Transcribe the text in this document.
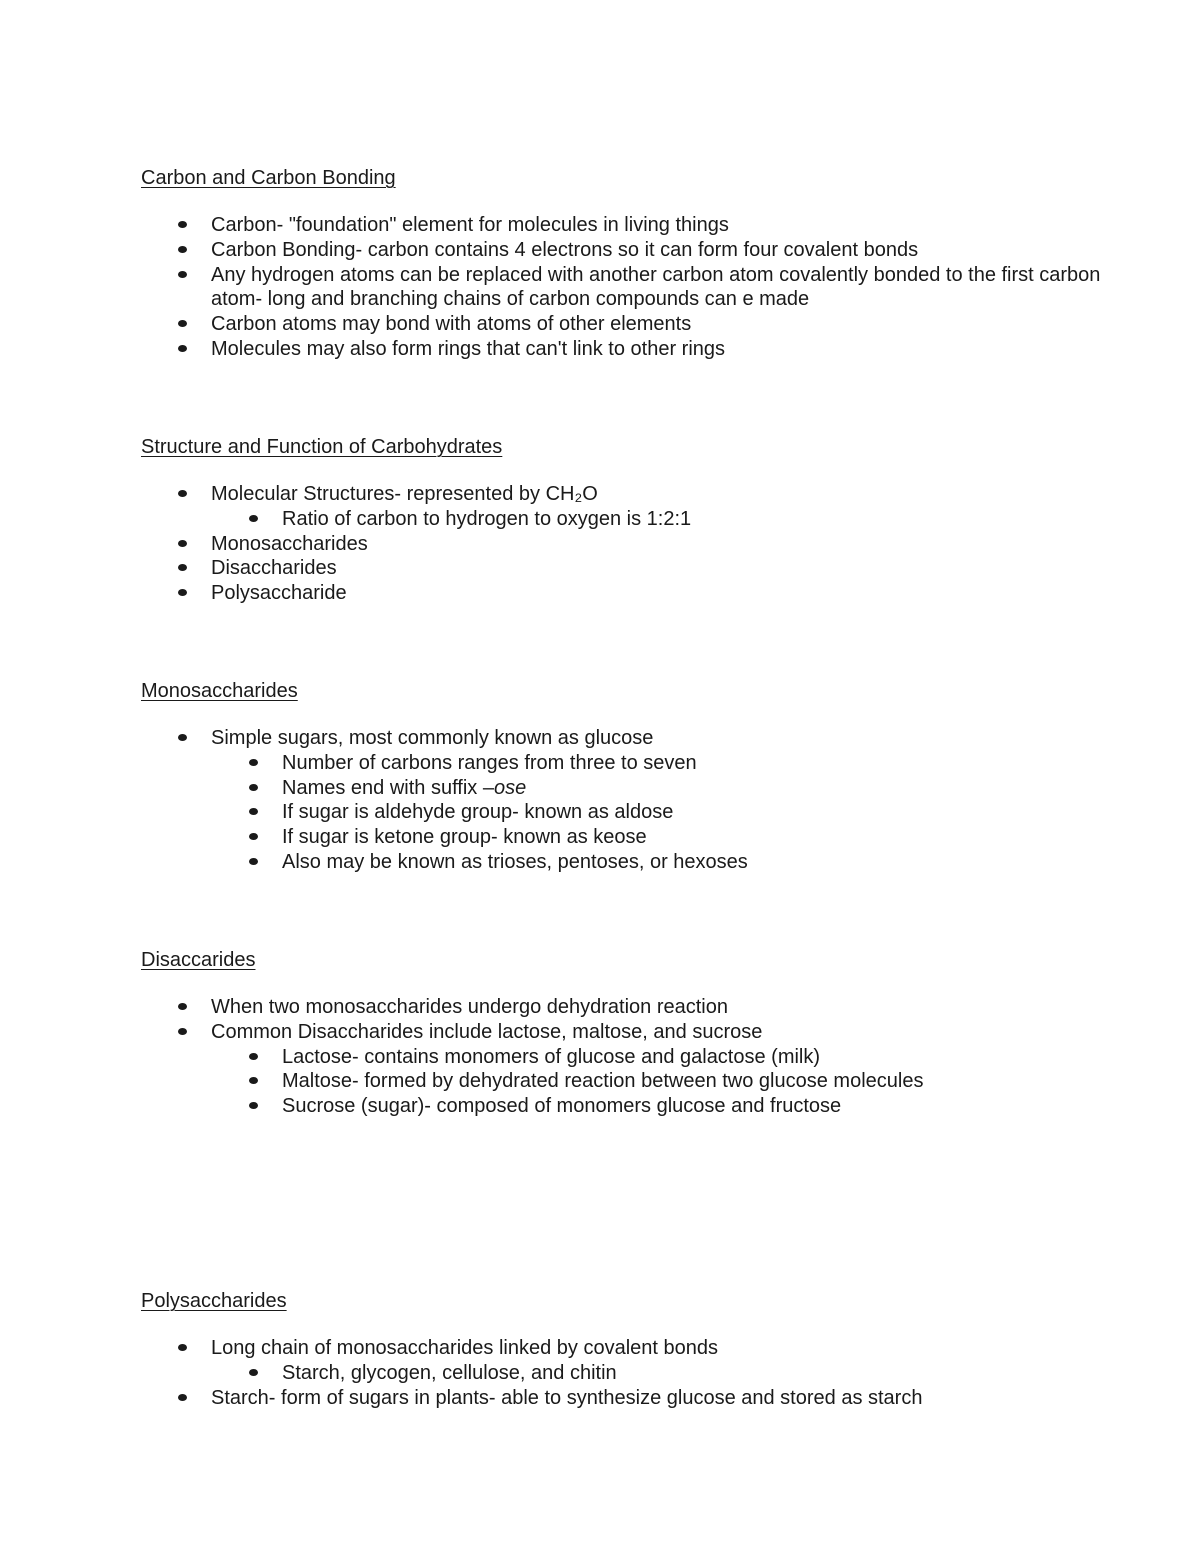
Carbon and Carbon Bonding
Carbon- "foundation" element for molecules in living things
Carbon Bonding- carbon contains 4 electrons so it can form four covalent bonds
Any hydrogen atoms can be replaced with another carbon atom covalently bonded to the first carbon atom- long and branching chains of carbon compounds can e made
Carbon atoms may bond with atoms of other elements
Molecules may also form rings that can't link to other rings
Structure and Function of Carbohydrates
Molecular Structures- represented by CH₂O
Ratio of carbon to hydrogen to oxygen is 1:2:1
Monosaccharides
Disaccharides
Polysaccharide
Monosaccharides
Simple sugars, most commonly known as glucose
Number of carbons ranges from three to seven
Names end with suffix –ose
If sugar is aldehyde group- known as aldose
If sugar is ketone group- known as keose
Also may be known as trioses, pentoses, or hexoses
Disaccarides
When two monosaccharides undergo dehydration reaction
Common Disaccharides include lactose, maltose, and sucrose
Lactose- contains monomers of glucose and galactose (milk)
Maltose- formed by dehydrated reaction between two glucose molecules
Sucrose (sugar)- composed of monomers glucose and fructose
Polysaccharides
Long chain of monosaccharides linked by covalent bonds
Starch, glycogen, cellulose, and chitin
Starch- form of sugars in plants- able to synthesize glucose and stored as starch
